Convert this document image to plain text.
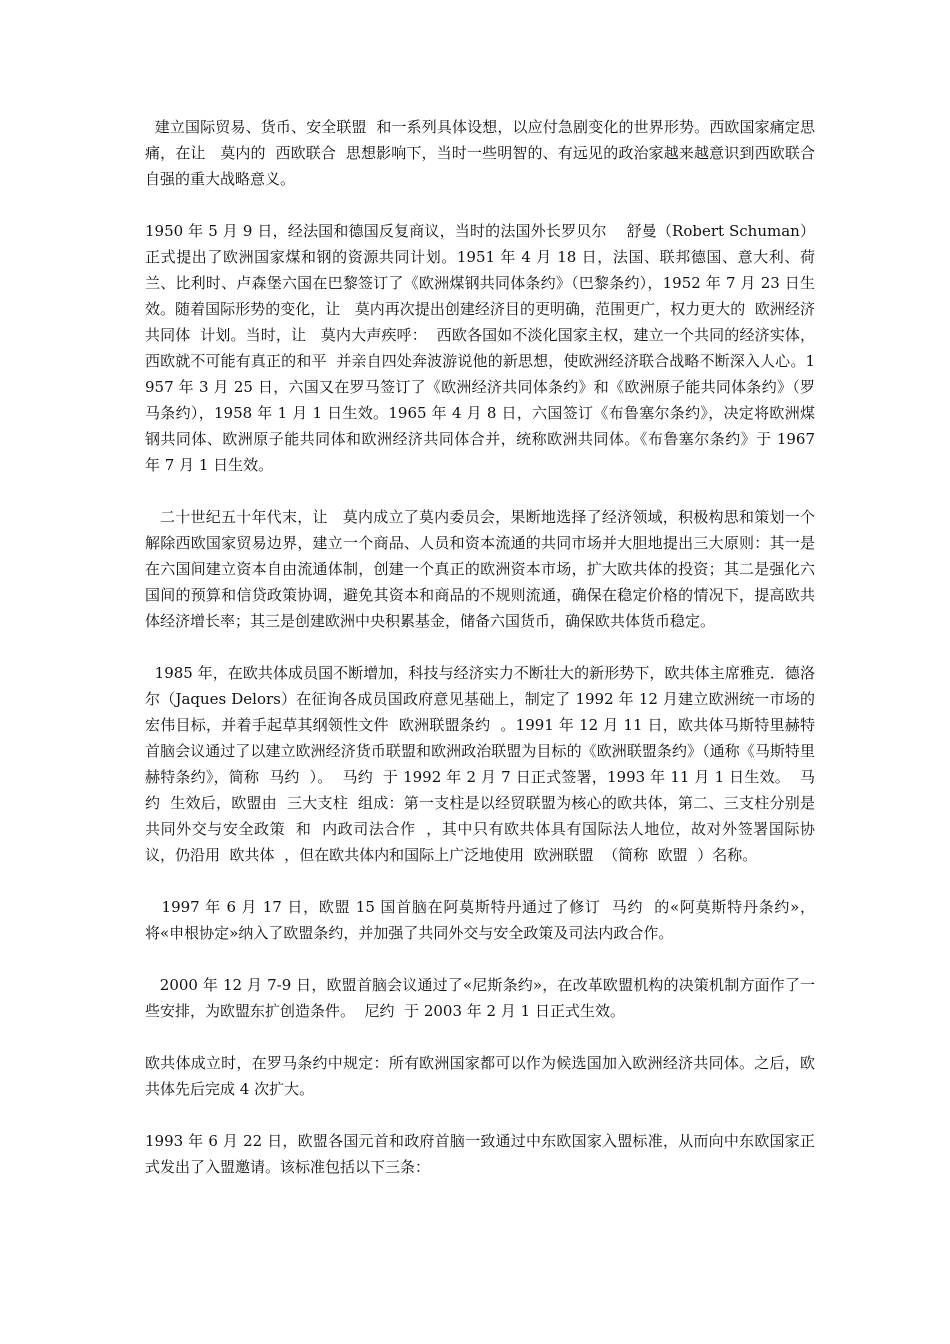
建立国际贸易、货币、安全联盟  和一系列具体设想，以应付急剧变化的世界形势。西欧国家痛定思痛，在让   莫内的  西欧联合  思想影响下，当时一些明智的、有远见的政治家越来越意识到西欧联合自强的重大战略意义。

1950 年 5 月 9 日，经法国和德国反复商议，当时的法国外长罗贝尔    舒曼（Robert Schuman）正式提出了欧洲国家煤和钢的资源共同计划。1951 年 4 月 18 日，法国、联邦德国、意大利、荷兰、比利时、卢森堡六国在巴黎签订了《欧洲煤钢共同体条约》（巴黎条约），1952 年 7 月 23 日生效。随着国际形势的变化，让   莫内再次提出创建经济目的更明确，范围更广，权力更大的  欧洲经济共同体  计划。当时，让   莫内大声疾呼：  西欧各国如不淡化国家主权，建立一个共同的经济实体，西欧就不可能有真正的和平  并亲自四处奔波游说他的新思想，使欧洲经济联合战略不断深入人心。1957 年 3 月 25 日，六国又在罗马签订了《欧洲经济共同体条约》和《欧洲原子能共同体条约》（罗马条约），1958 年 1 月 1 日生效。1965 年 4 月 8 日，六国签订《布鲁塞尔条约》，决定将欧洲煤钢共同体、欧洲原子能共同体和欧洲经济共同体合并，统称欧洲共同体。《布鲁塞尔条约》于 1967 年 7 月 1 日生效。

二十世纪五十年代末，让   莫内成立了莫内委员会，果断地选择了经济领域，积极构思和策划一个解除西欧国家贸易边界，建立一个商品、人员和资本流通的共同市场并大胆地提出三大原则：其一是在六国间建立资本自由流通体制，创建一个真正的欧洲资本市场，扩大欧共体的投资；其二是强化六国间的预算和信贷政策协调，避免其资本和商品的不规则流通，确保在稳定价格的情况下，提高欧共体经济增长率；其三是创建欧洲中央积累基金，储备六国货币，确保欧共体货币稳定。

1985 年，在欧共体成员国不断增加，科技与经济实力不断壮大的新形势下，欧共体主席雅克．德洛尔（Jaques Delors）在征询各成员国政府意见基础上，制定了 1992 年 12 月建立欧洲统一市场的宏伟目标，并着手起草其纲领性文件  欧洲联盟条约  。1991 年 12 月 11 日，欧共体马斯特里赫特首脑会议通过了以建立欧洲经济货币联盟和欧洲政治联盟为目标的《欧洲联盟条约》（通称《马斯特里赫特条约》，简称  马约  ）。  马约  于 1992 年 2 月 7 日正式签署，1993 年 11 月 1 日生效。  马约  生效后，欧盟由  三大支柱  组成：第一支柱是以经贸联盟为核心的欧共体，第二、三支柱分别是  共同外交与安全政策  和  内政司法合作  ，其中只有欧共体具有国际法人地位，故对外签署国际协议，仍沿用  欧共体  ，但在欧共体内和国际上广泛地使用  欧洲联盟  （简称  欧盟  ）名称。

1997 年 6 月 17 日，欧盟 15 国首脑在阿莫斯特丹通过了修订  马约  的«阿莫斯特丹条约»，将«申根协定»纳入了欧盟条约，并加强了共同外交与安全政策及司法内政合作。

2000 年 12 月 7-9 日，欧盟首脑会议通过了«尼斯条约»，在改革欧盟机构的决策机制方面作了一些安排，为欧盟东扩创造条件。  尼约  于 2003 年 2 月 1 日正式生效。

欧共体成立时，在罗马条约中规定：所有欧洲国家都可以作为候选国加入欧洲经济共同体。之后，欧共体先后完成 4 次扩大。

1993 年 6 月 22 日，欧盟各国元首和政府首脑一致通过中东欧国家入盟标准，从而向中东欧国家正式发出了入盟邀请。该标准包括以下三条：
